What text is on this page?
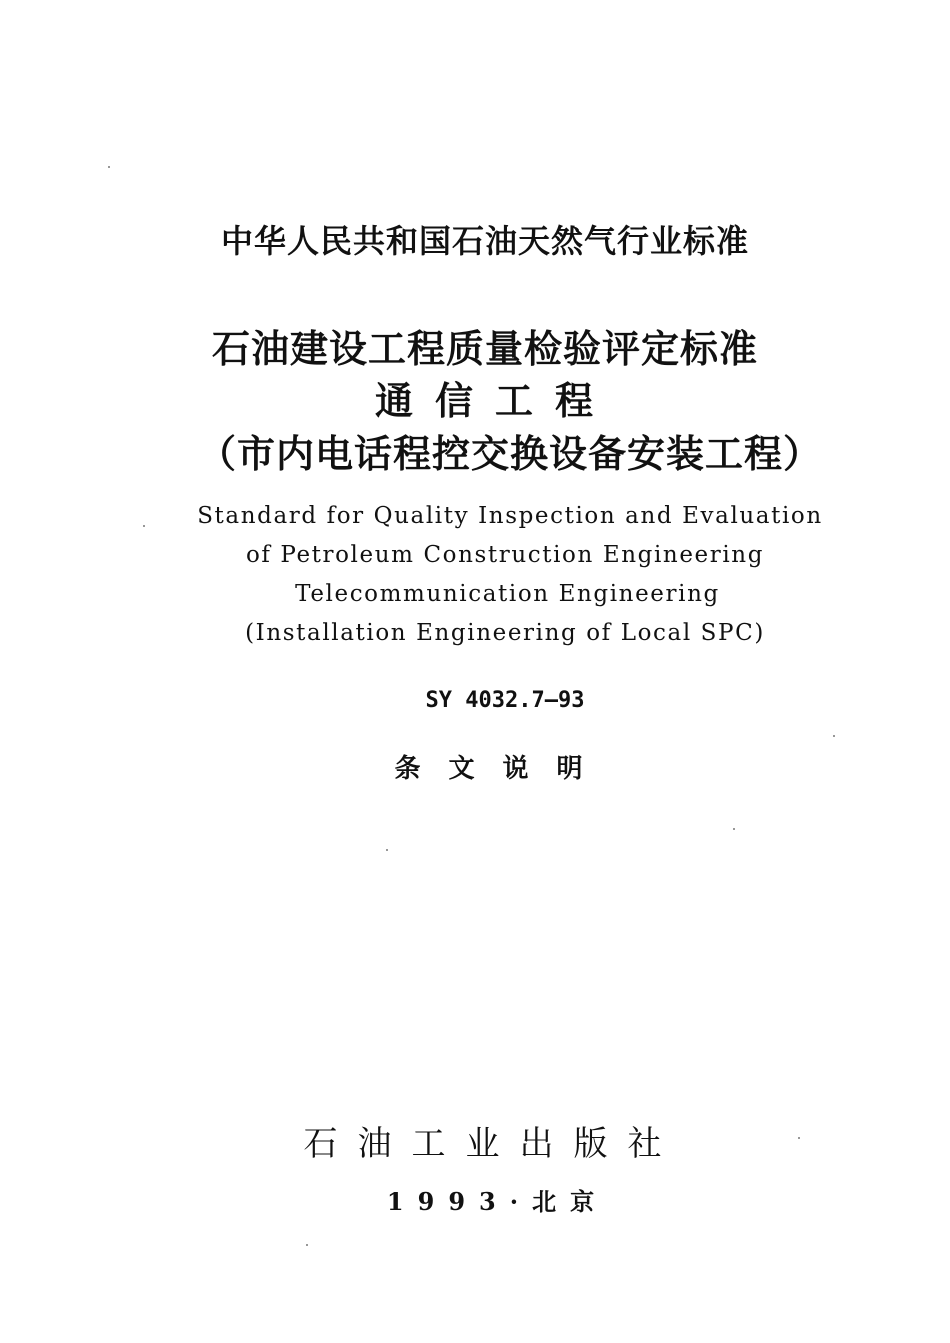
中华人民共和国石油天然气行业标准
石油建设工程质量检验评定标准
通信工程
（市内电话程控交换设备安装工程）
Standard for Quality Inspection and Evaluation
of Petroleum Construction Engineering
Telecommunication Engineering
(Installation Engineering of Local SPC)
SY 4032.7—93
条文说明
石油工业出版社
1993·北京
